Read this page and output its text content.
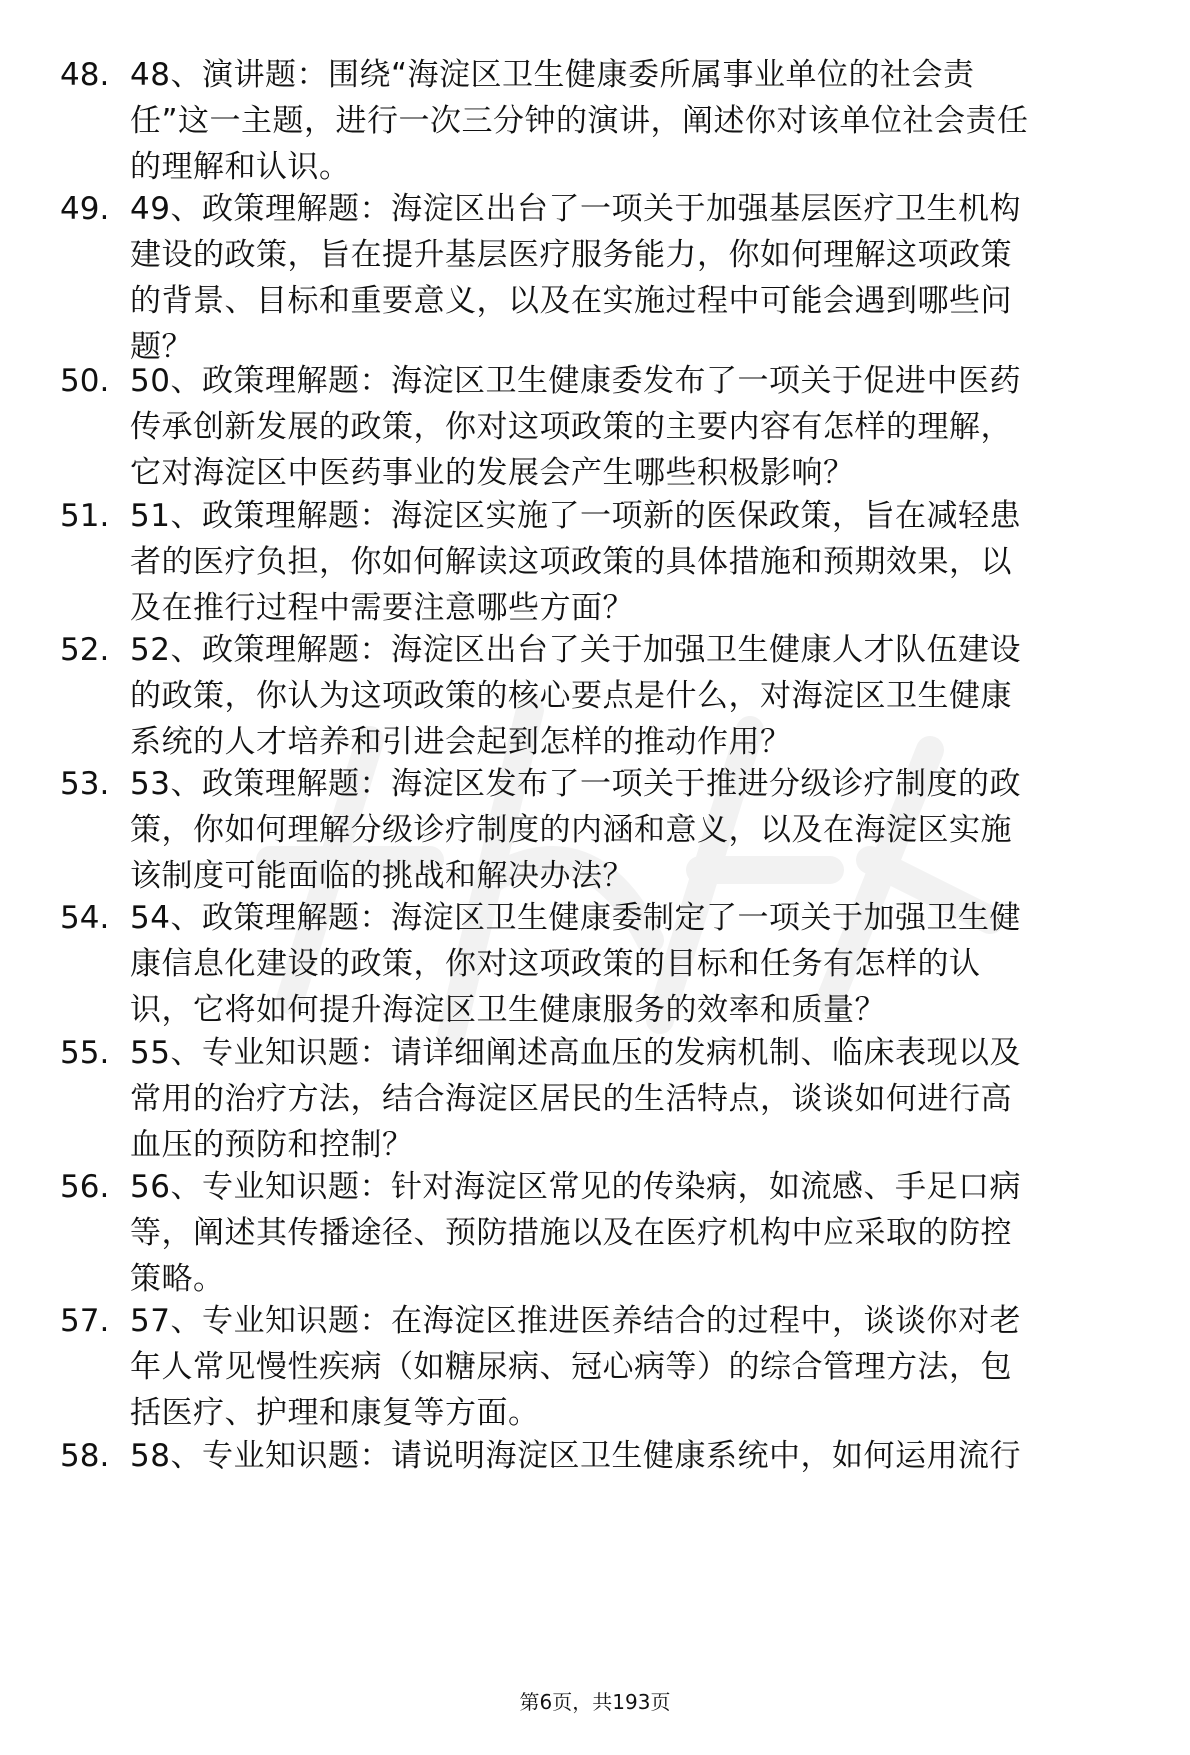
48. 48、演讲题：围绕“海淀区卫生健康委所属事业单位的社会责
任”这一主题，进行一次三分钟的演讲，阐述你对该单位社会责任
的理解和认识。
49. 49、政策理解题：海淀区出台了一项关于加强基层医疗卫生机构
建设的政策，旨在提升基层医疗服务能力，你如何理解这项政策
的背景、目标和重要意义，以及在实施过程中可能会遇到哪些问
题？
50. 50、政策理解题：海淀区卫生健康委发布了一项关于促进中医药
传承创新发展的政策，你对这项政策的主要内容有怎样的理解，
它对海淀区中医药事业的发展会产生哪些积极影响？
51. 51、政策理解题：海淀区实施了一项新的医保政策，旨在减轻患
者的医疗负担，你如何解读这项政策的具体措施和预期效果，以
及在推行过程中需要注意哪些方面？
52. 52、政策理解题：海淀区出台了关于加强卫生健康人才队伍建设
的政策，你认为这项政策的核心要点是什么，对海淀区卫生健康
系统的人才培养和引进会起到怎样的推动作用？
53. 53、政策理解题：海淀区发布了一项关于推进分级诊疗制度的政
策，你如何理解分级诊疗制度的内涵和意义，以及在海淀区实施
该制度可能面临的挑战和解决办法？
54. 54、政策理解题：海淀区卫生健康委制定了一项关于加强卫生健
康信息化建设的政策，你对这项政策的目标和任务有怎样的认
识，它将如何提升海淀区卫生健康服务的效率和质量？
55. 55、专业知识题：请详细阐述高血压的发病机制、临床表现以及
常用的治疗方法，结合海淀区居民的生活特点，谈谈如何进行高
血压的预防和控制？
56. 56、专业知识题：针对海淀区常见的传染病，如流感、手足口病
等，阐述其传播途径、预防措施以及在医疗机构中应采取的防控
策略。
57. 57、专业知识题：在海淀区推进医养结合的过程中，谈谈你对老
年人常见慢性疾病（如糖尿病、冠心病等）的综合管理方法，包
括医疗、护理和康复等方面。
58. 58、专业知识题：请说明海淀区卫生健康系统中，如何运用流行
第6页，共193页
